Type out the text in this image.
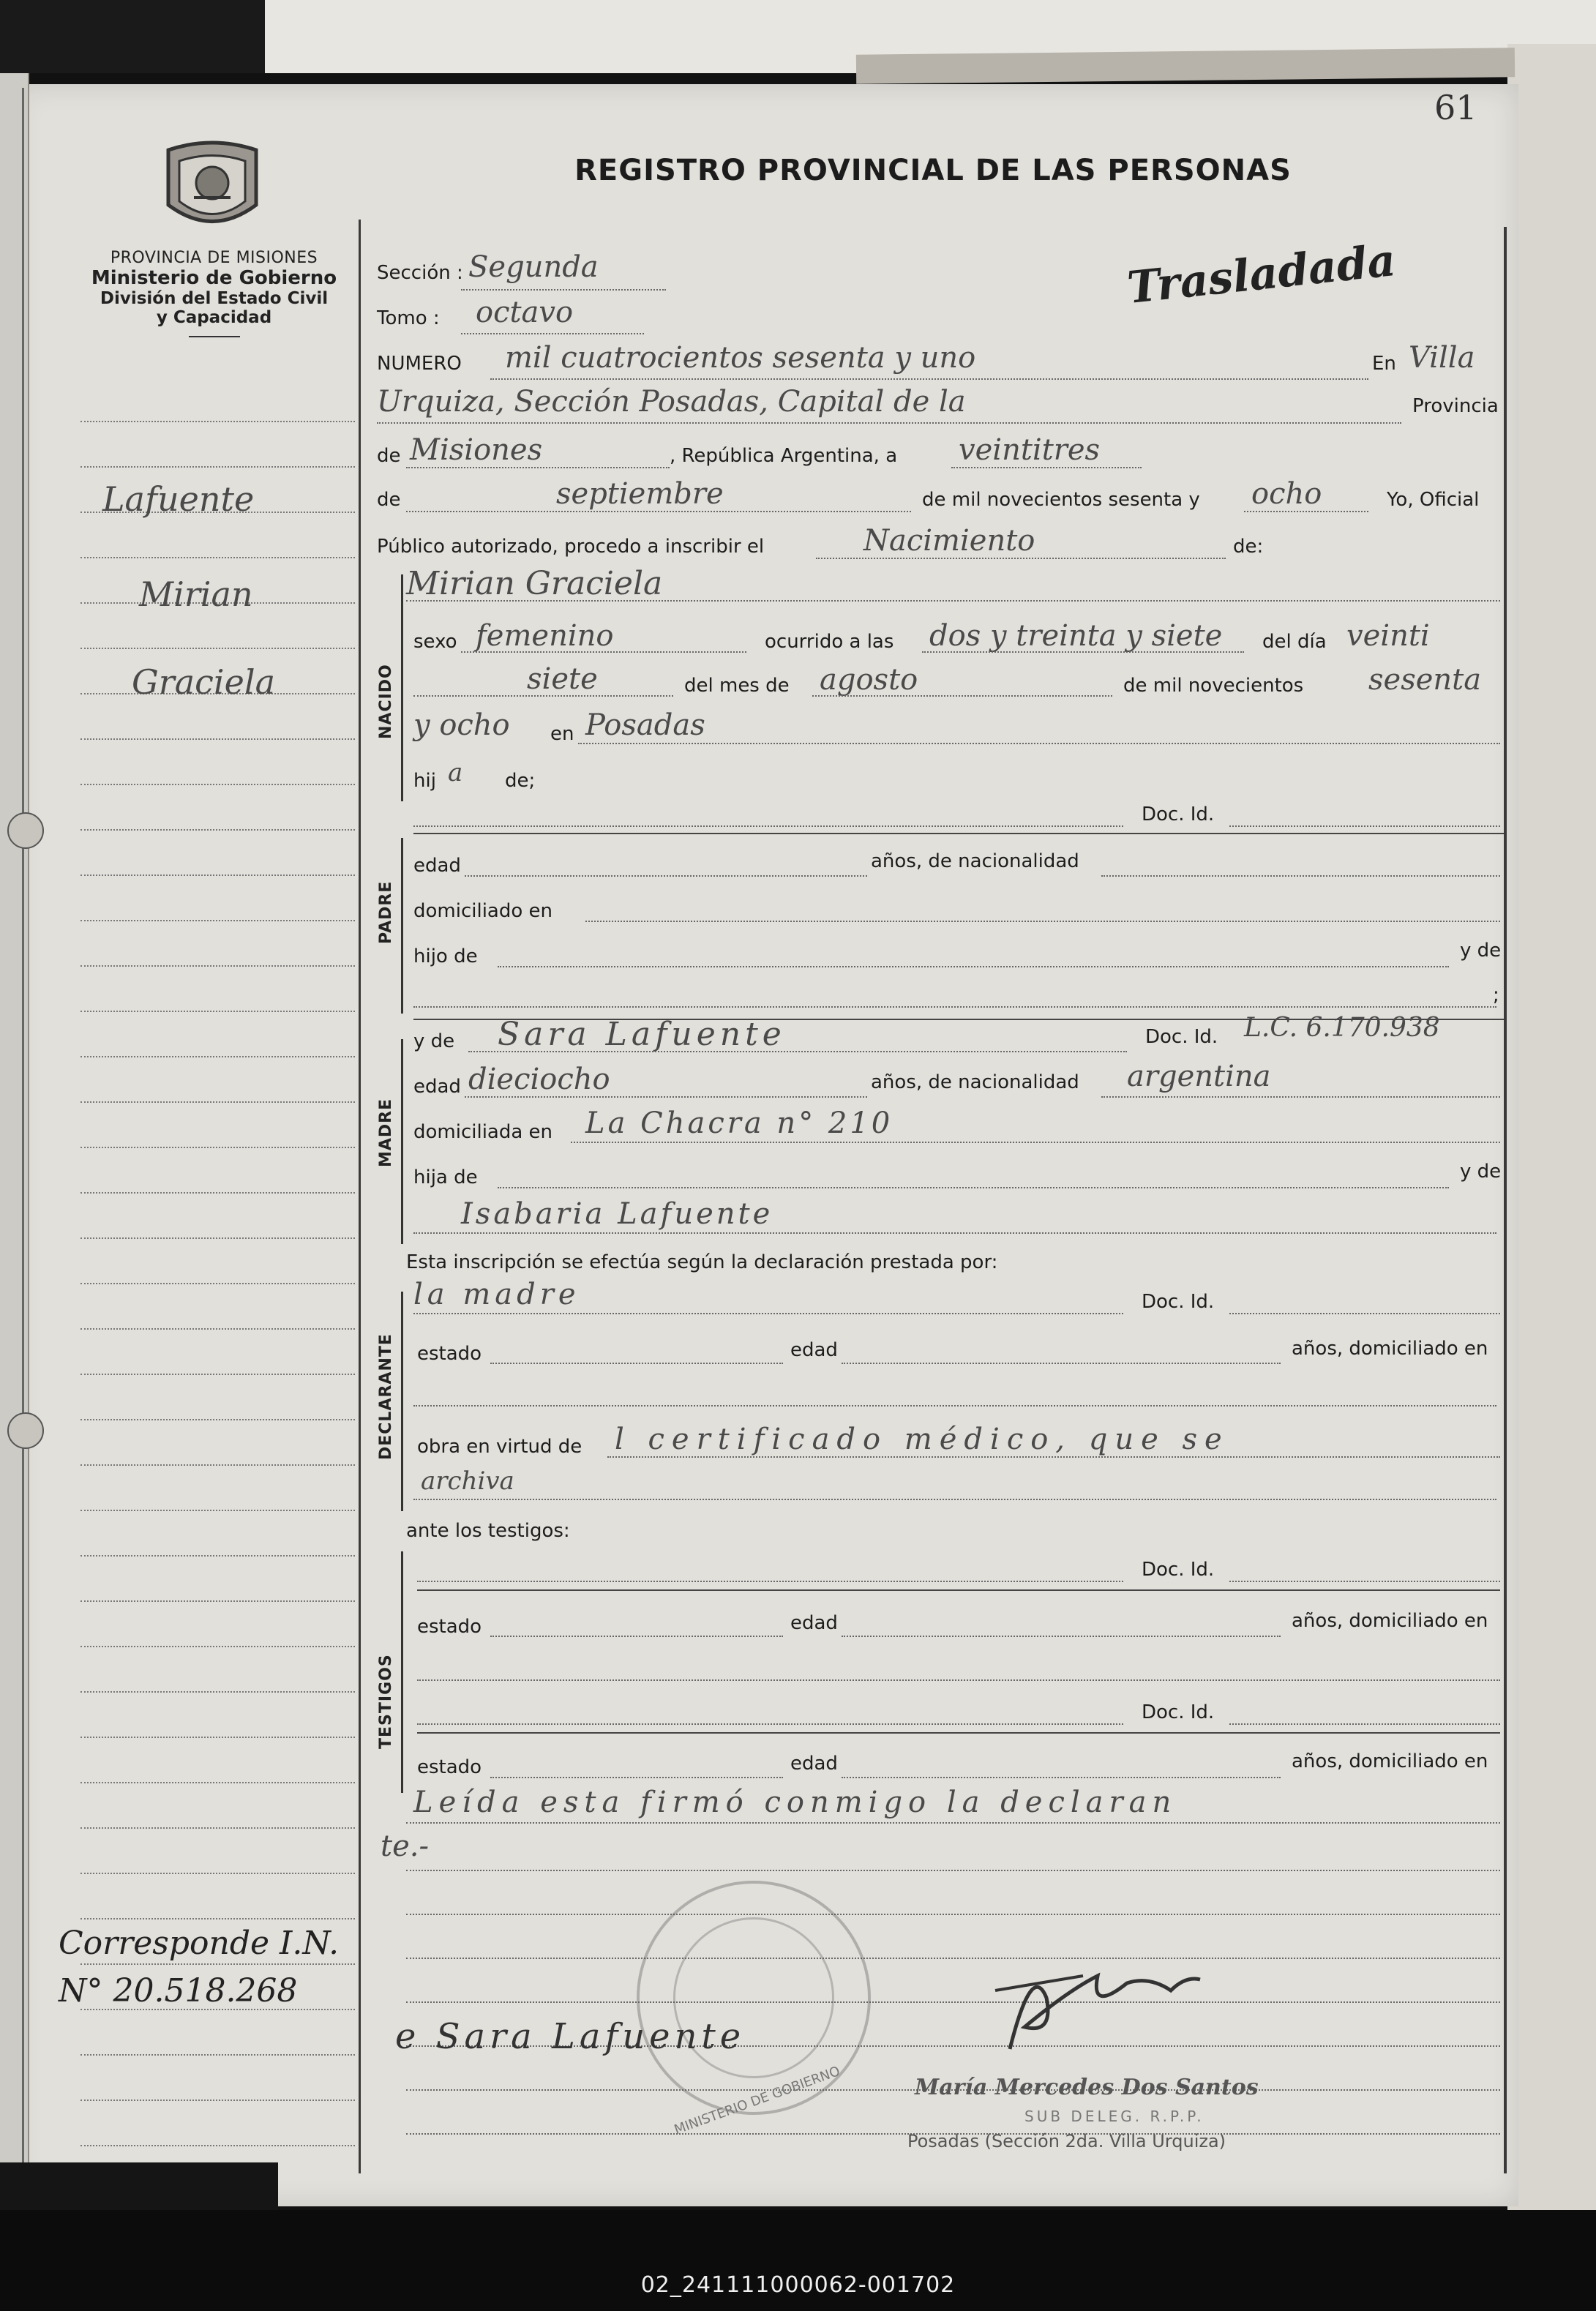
61
PROVINCIA DE MISIONES
Ministerio de Gobierno
División del Estado Civil
y Capacidad
REGISTRO PROVINCIAL DE LAS PERSONAS
Trasladada
Lafuente
Mirian
Graciela
Corresponde I.N.
N° 20.518.268
Sección : Segunda
Tomo : octavo
NUMERO mil cuatrocientos sesenta y uno	En Villa
Urquiza, Sección Posadas, Capital de la	Provincia
de Misiones	, República Argentina, a veintitres
de	septiembre	de mil novecientos sesenta y ocho	Yo, Oficial
Público autorizado, procedo a inscribir el	Nacimiento	de:
NACIDO
Mirian Graciela
sexo femenino	ocurrido a las dos y treinta y siete del día veinti
siete	del mes de agosto	de mil novecientos sesenta
y ocho en Posadas
hij a de;
Doc. Id.
PADRE
edad	años, de nacionalidad
domiciliado en
hijo de	y de
;
MADRE
y de Sara Lafuente	Doc. Id. L.C. 6.170.938
edad dieciocho	años, de nacionalidad argentina
domiciliada en La Chacra n° 210
hija de	y de
Isabaria Lafuente
Esta inscripción se efectúa según la declaración prestada por:
DECLARANTE
la madre	Doc. Id.
estado	edad	años, domiciliado en
obra en virtud de l certificado médico, que se
archiva
ante los testigos:
TESTIGOS
Doc. Id.
estado	edad	años, domiciliado en
Doc. Id.
estado	edad	años, domiciliado en
Leída esta firmó conmigo la declaran
te.-
MINISTERIO DE GOBIERNO
e Sara Lafuente
María Mercedes Dos Santos
SUB DELEG. R.P.P.
Posadas (Sección 2da. Villa Urquiza)
02_241111000062-001702
